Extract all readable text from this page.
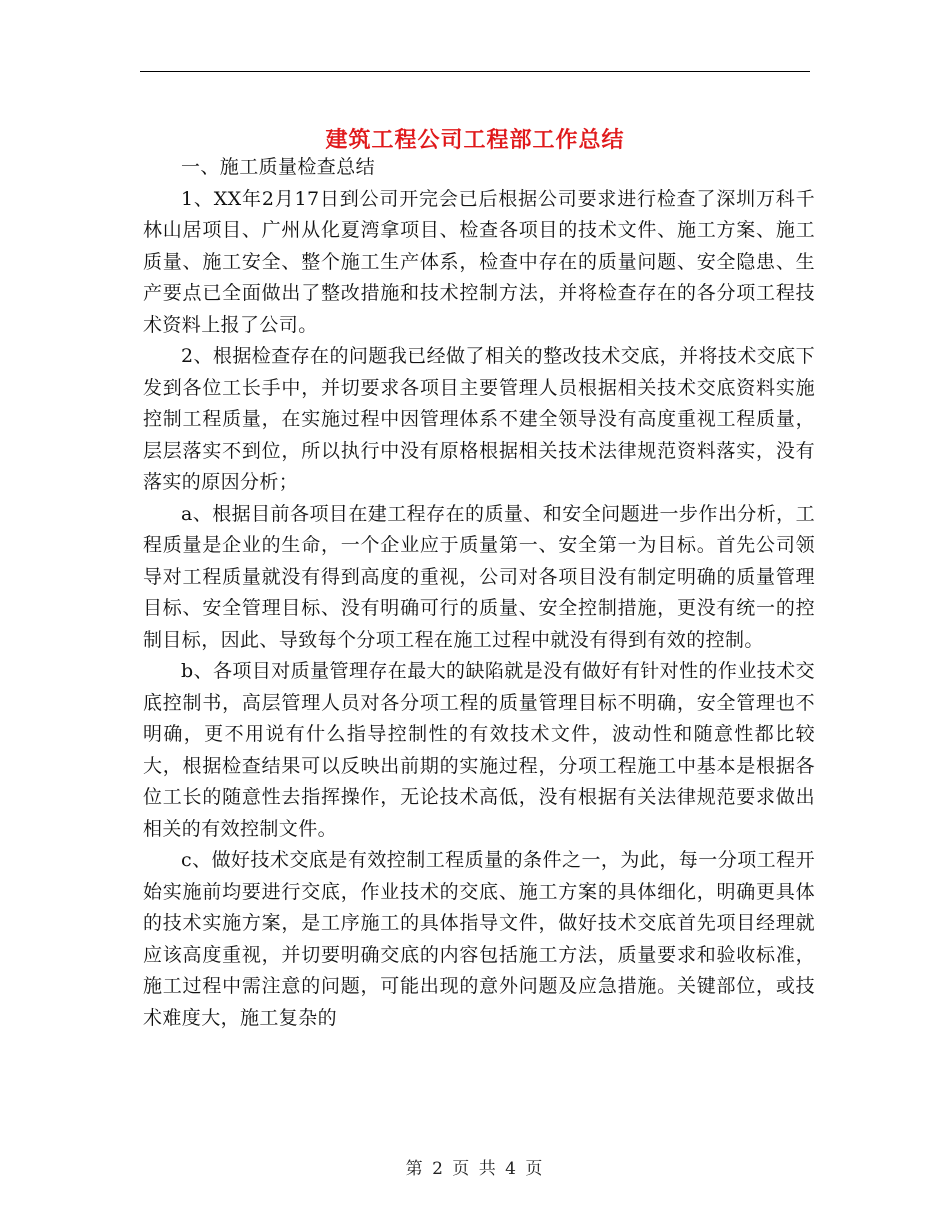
建筑工程公司工程部工作总结

一、施工质量检查总结

1、XX年2月17日到公司开完会已后根据公司要求进行检查了深圳万科千林山居项目、广州从化夏湾拿项目、检查各项目的技术文件、施工方案、施工质量、施工安全、整个施工生产体系，检查中存在的质量问题、安全隐患、生产要点已全面做出了整改措施和技术控制方法，并将检查存在的各分项工程技术资料上报了公司。

2、根据检查存在的问题我已经做了相关的整改技术交底，并将技术交底下发到各位工长手中，并切要求各项目主要管理人员根据相关技术交底资料实施控制工程质量，在实施过程中因管理体系不建全领导没有高度重视工程质量，层层落实不到位，所以执行中没有原格根据相关技术法律规范资料落实，没有落实的原因分析；

a、根据目前各项目在建工程存在的质量、和安全问题进一步作出分析，工程质量是企业的生命，一个企业应于质量第一、安全第一为目标。首先公司领导对工程质量就没有得到高度的重视，公司对各项目没有制定明确的质量管理目标、安全管理目标、没有明确可行的质量、安全控制措施，更没有统一的控制目标，因此、导致每个分项工程在施工过程中就没有得到有效的控制。

b、各项目对质量管理存在最大的缺陷就是没有做好有针对性的作业技术交底控制书，高层管理人员对各分项工程的质量管理目标不明确，安全管理也不明确，更不用说有什么指导控制性的有效技术文件，波动性和随意性都比较大，根据检查结果可以反映出前期的实施过程，分项工程施工中基本是根据各位工长的随意性去指挥操作，无论技术高低，没有根据有关法律规范要求做出相关的有效控制文件。

c、做好技术交底是有效控制工程质量的条件之一，为此，每一分项工程开始实施前均要进行交底，作业技术的交底、施工方案的具体细化，明确更具体的技术实施方案，是工序施工的具体指导文件，做好技术交底首先项目经理就应该高度重视，并切要明确交底的内容包括施工方法，质量要求和验收标准，施工过程中需注意的问题，可能出现的意外问题及应急措施。关键部位，或技术难度大，施工复杂的

第 2 页 共 4 页
